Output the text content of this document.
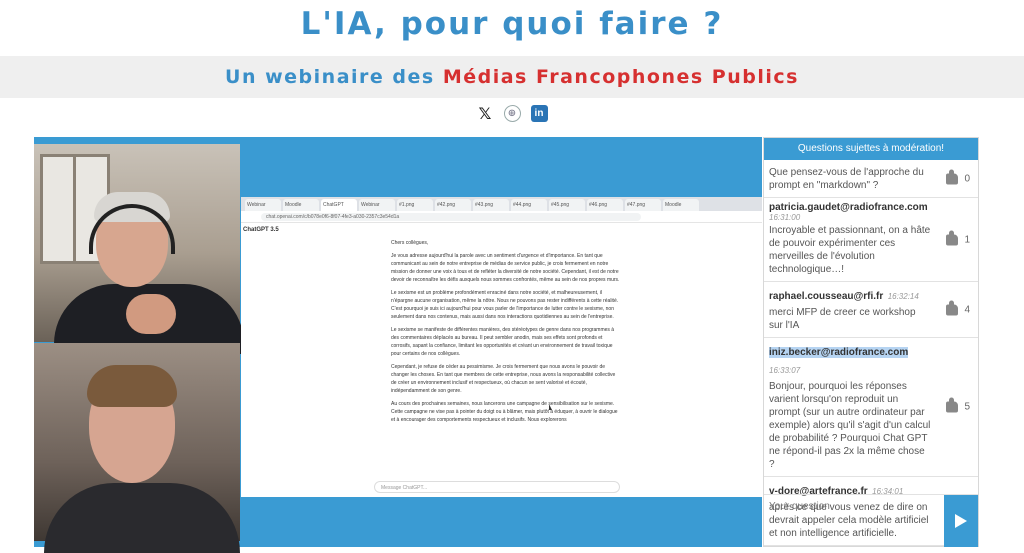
L'IA, pour quoi faire ?
Un webinaire des Médias Francophones Publics
𝕏	⊕	in
Webinar	Moodle	ChatGPT	Webinar	#1.png	#42.png	#43.png	#44.png	#45.png	#46.png	#47.png	Moodle
chat.openai.com/c/b078e0f6-8f07-4fe3-a030-2357c3e54d1a
ChatGPT 3.5

Chers collègues,

Je vous adresse aujourd'hui la parole avec un sentiment d'urgence et d'importance. En tant que communicant au sein de notre entreprise de médias de service public, je crois fermement en notre mission de donner une voix à tous et de refléter la diversité de notre société. Cependant, il est de notre devoir de reconnaître les défis auxquels nous sommes confrontés, même au sein de nos propres murs.

Le sexisme est un problème profondément enraciné dans notre société, et malheureusement, il n'épargne aucune organisation, même la nôtre. Nous ne pouvons pas rester indifférents à cette réalité. C'est pourquoi je suis ici aujourd'hui pour vous parler de l'importance de lutter contre le sexisme, non seulement dans nos contenus, mais aussi dans nos interactions quotidiennes au sein de l'entreprise.

Le sexisme se manifeste de différentes manières, des stéréotypes de genre dans nos programmes à des commentaires déplacés au bureau. Il peut sembler anodin, mais ses effets sont profonds et corrosifs, sapant la confiance, limitant les opportunités et créant un environnement de travail toxique pour certains de nos collègues.

Cependant, je refuse de céder au pessimisme. Je crois fermement que nous avons le pouvoir de changer les choses. En tant que membres de cette entreprise, nous avons la responsabilité collective de créer un environnement inclusif et respectueux, où chacun se sent valorisé et écouté, indépendamment de son genre.

Au cours des prochaines semaines, nous lancerons une campagne de sensibilisation sur le sexisme. Cette campagne ne vise pas à pointer du doigt ou à blâmer, mais plutôt à éduquer, à ouvrir le dialogue et à encourager des comportements respectueux et inclusifs. Nous explorerons

Message ChatGPT...
Questions sujettes à modération!
Que pensez-vous de l'approche du prompt en "markdown" ?
0
patricia.gaudet@radiofrance.com
16:31:00
Incroyable et passionnant, on a hâte de pouvoir expérimenter ces merveilles de l'évolution technologique…!
1
raphael.cousseau@rfi.fr 16:32:14
merci MFP de creer ce workshop sur l'IA
4
iniz.becker@radiofrance.com 16:33:07
Bonjour, pourquoi les réponses varient lorsqu'on reproduit un prompt (sur un autre ordinateur par exemple) alors qu'il s'agit d'un calcul de probabilité ? Pourquoi Chat GPT ne répond-il pas 2x la même chose ?
5
v-dore@artefrance.fr 16:34:01
après ce que vous venez de dire on devrait appeler cela modèle artificiel et non intelligence artificielle.
Your question
